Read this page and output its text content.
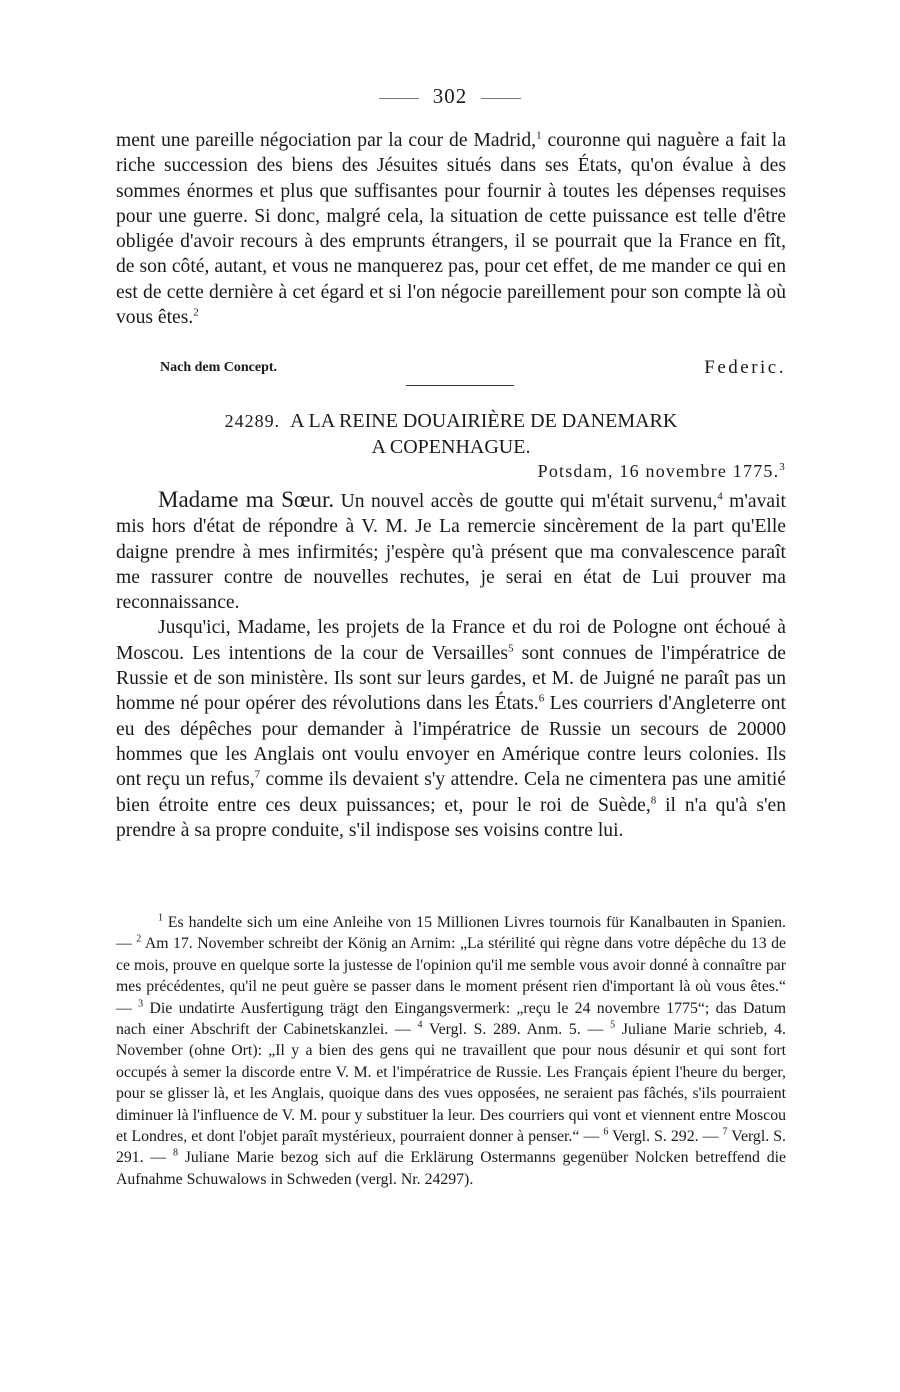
302

ment une pareille négociation par la cour de Madrid,$^1$ couronne qui naguère a fait la riche succession des biens des Jésuites situés dans ses États, qu'on évalue à des sommes énormes et plus que suffisantes pour fournir à toutes les dépenses requises pour une guerre. Si donc, malgré cela, la situation de cette puissance est telle d'être obligée d'avoir recours à des emprunts étrangers, il se pourrait que la France en fît, de son côté, autant, et vous ne manquerez pas, pour cet effet, de me mander ce qui en est de cette dernière à cet égard et si l'on négocie pareillement pour son compte là où vous êtes.$^2$

Nach dem Concept.	Federic.
24289. A LA REINE DOUAIRIÈRE DE DANEMARK
A COPENHAGUE.
Potsdam, 16 novembre 1775.$^3$

Madame ma Sœur. Un nouvel accès de goutte qui m'était survenu,$^4$ m'avait mis hors d'état de répondre à V. M. Je La remercie sincèrement de la part qu'Elle daigne prendre à mes infirmités; j'espère qu'à présent que ma convalescence paraît me rassurer contre de nouvelles rechutes, je serai en état de Lui prouver ma reconnaissance.

Jusqu'ici, Madame, les projets de la France et du roi de Pologne ont échoué à Moscou. Les intentions de la cour de Versailles$^5$ sont connues de l'impératrice de Russie et de son ministère. Ils sont sur leurs gardes, et M. de Juigné ne paraît pas un homme né pour opérer des révolutions dans les États.$^6$ Les courriers d'Angleterre ont eu des dépêches pour demander à l'impératrice de Russie un secours de 20000 hommes que les Anglais ont voulu envoyer en Amérique contre leurs colonies. Ils ont reçu un refus,$^7$ comme ils devaient s'y attendre. Cela ne cimentera pas une amitié bien étroite entre ces deux puissances; et, pour le roi de Suède,$^8$ il n'a qu'à s'en prendre à sa propre conduite, s'il indispose ses voisins contre lui.

$^1$ Es handelte sich um eine Anleihe von 15 Millionen Livres tournois für Kanalbauten in Spanien. — $^2$ Am 17. November schreibt der König an Arnim: „La stérilité qui règne dans votre dépêche du 13 de ce mois, prouve en quelque sorte la justesse de l'opinion qu'il me semble vous avoir donné à connaître par mes précédentes, qu'il ne peut guère se passer dans le moment présent rien d'important là où vous êtes.“ — $^3$ Die undatirte Ausfertigung trägt den Eingangsvermerk: „reçu le 24 novembre 1775“; das Datum nach einer Abschrift der Cabinetskanzlei. — $^4$ Vergl. S. 289. Anm. 5. — $^5$ Juliane Marie schrieb, 4. November (ohne Ort): „Il y a bien des gens qui ne travaillent que pour nous désunir et qui sont fort occupés à semer la discorde entre V. M. et l'impératrice de Russie. Les Français épient l'heure du berger, pour se glisser là, et les Anglais, quoique dans des vues opposées, ne seraient pas fâchés, s'ils pourraient diminuer là l'influence de V. M. pour y substituer la leur. Des courriers qui vont et viennent entre Moscou et Londres, et dont l'objet paraît mystérieux, pourraient donner à penser.“ — $^6$ Vergl. S. 292. — $^7$ Vergl. S. 291. — $^8$ Juliane Marie bezog sich auf die Erklärung Ostermanns gegenüber Nolcken betreffend die Aufnahme Schuwalows in Schweden (vergl. Nr. 24297).
